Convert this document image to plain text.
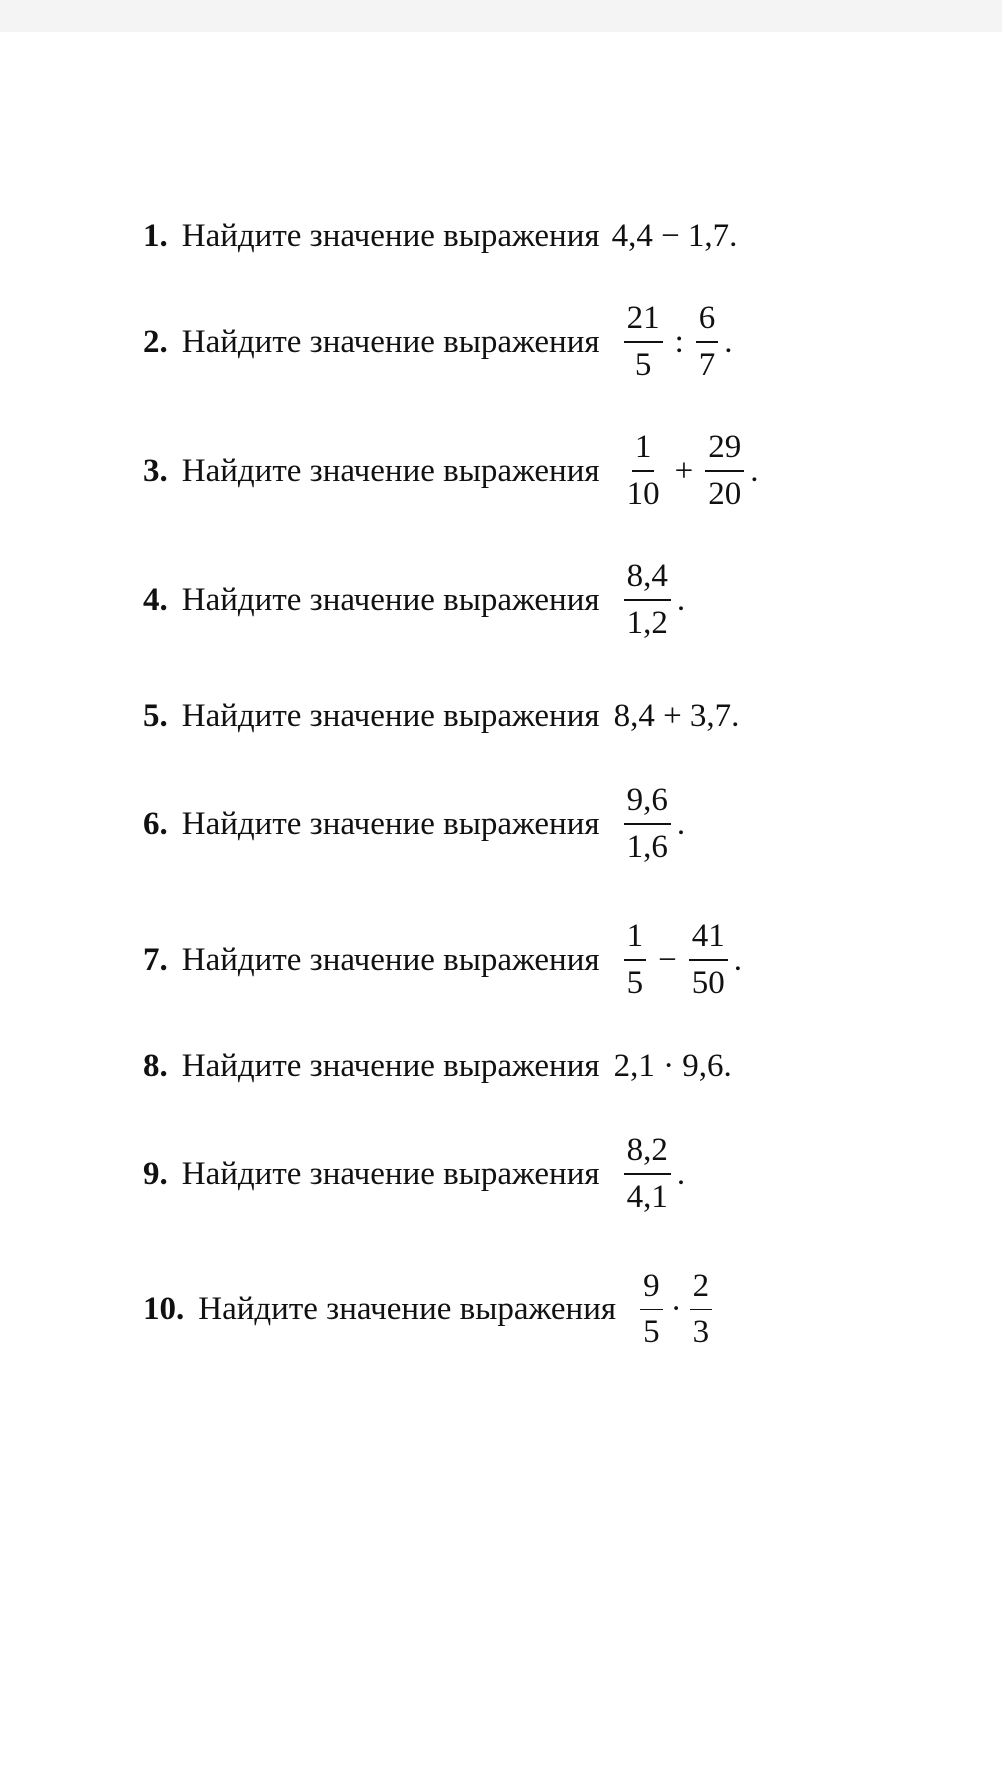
1. Найдите значение выражения 4,4 − 1,7.
2. Найдите значение выражения $\frac{21}{5}$ : $\frac{6}{7}$ .
3. Найдите значение выражения $\frac{1}{10} + \frac{29}{20}$ .
4. Найдите значение выражения $\frac{8,4}{1,2}$ .
5. Найдите значение выражения 8,4 + 3,7.
6. Найдите значение выражения $\frac{9,6}{1,6}$ .
7. Найдите значение выражения $\frac{1}{5} - \frac{41}{50}$ .
8. Найдите значение выражения 2,1 · 9,6.
9. Найдите значение выражения $\frac{8,2}{4,1}$ .
10. Найдите значение выражения $\frac{9}{5} \cdot \frac{2}{3}$
